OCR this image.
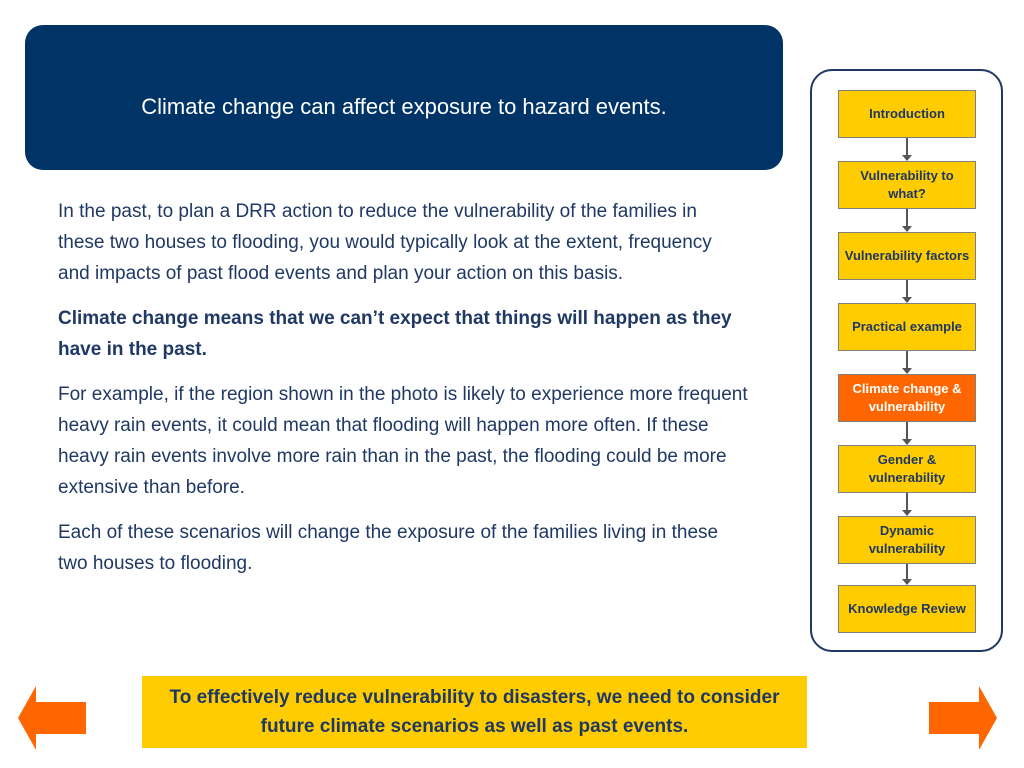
Climate change can affect exposure to hazard events.

In the past, to plan a DRR action to reduce the vulnerability of the families in these two houses to flooding, you would typically look at the extent, frequency and impacts of past flood events and plan your action on this basis.

Climate change means that we can’t expect that things will happen as they have in the past.

For example, if the region shown in the photo is likely to experience more frequent heavy rain events, it could mean that flooding will happen more often. If these heavy rain events involve more rain than in the past, the flooding could be more extensive than before.

Each of these scenarios will change the exposure of the families living in these two houses to flooding.

Introduction
Vulnerability to what?
Vulnerability factors
Practical example
Climate change & vulnerability
Gender & vulnerability
Dynamic vulnerability
Knowledge Review
To effectively reduce vulnerability to disasters, we need to consider future climate scenarios as well as past events.
